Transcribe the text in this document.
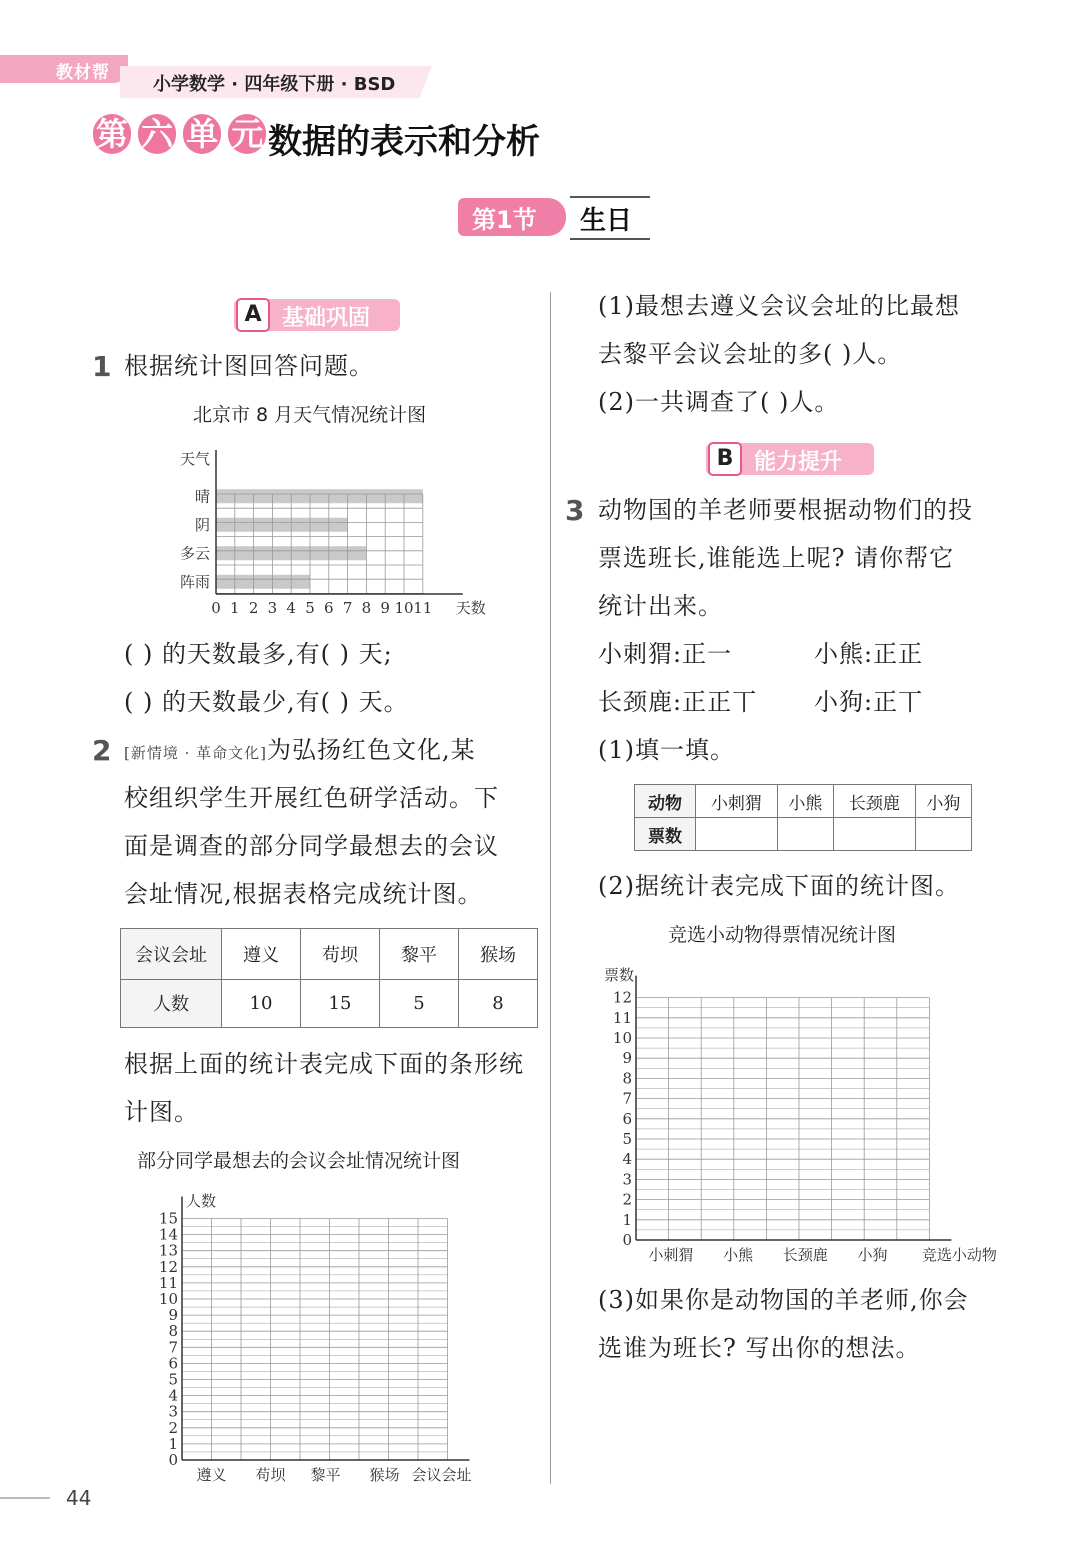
教材帮
小学数学 · 四年级下册 · BSD
第 六 单 元 数据的表示和分析
第1节 生日
A 基础巩固
1 根据统计图回答问题。
北京市 8 月天气情况统计图
晴
阴
多云
阵雨
天气
0 1 2 3 4 5 6 7 8 9 10 11 天数
( ) 的天数最多,有( ) 天;
( ) 的天数最少,有( ) 天。
2 [新情境 · 革命文化]为弘扬红色文化,某
校组织学生开展红色研学活动。下
面是调查的部分同学最想去的会议
会址情况,根据表格完成统计图。
会议会址	遵义	苟坝	黎平	猴场
人数	10	15	5	8
根据上面的统计表完成下面的条形统
计图。
部分同学最想去的会议会址情况统计图
0
1
2
3
4
5
6
7
8
9
10
11
12
13
14
15
人数
遵义 苟坝 黎平 猴场 会议会址
(1)最想去遵义会议会址的比最想
去黎平会议会址的多( )人。
(2)一共调查了( )人。
B 能力提升
3 动物国的羊老师要根据动物们的投
票选班长,谁能选上呢? 请你帮它
统计出来。
小刺猬:正一	小熊:正正
长颈鹿:正正丅 小狗:正丅
(1)填一填。
动物	小刺猬	小熊	长颈鹿	小狗
票数				
(2)据统计表完成下面的统计图。
竞选小动物得票情况统计图
0
1
2
3
4
5
6
7
8
9
10
11
12
票数
小刺猬 小熊 长颈鹿 小狗 竞选小动物
(3)如果你是动物国的羊老师,你会
选谁为班长? 写出你的想法。
44
